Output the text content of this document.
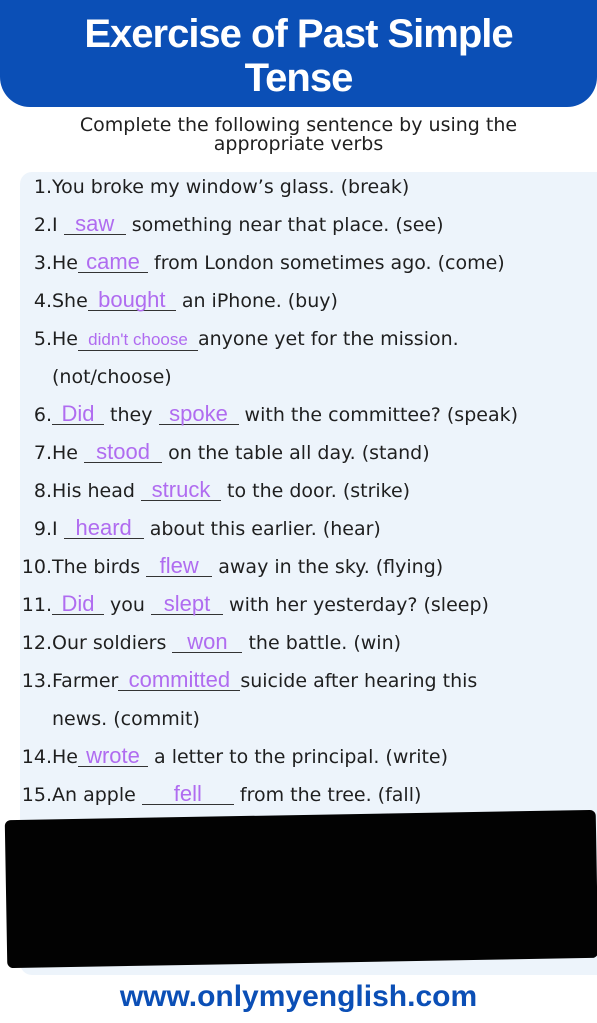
Exercise of Past Simple
Tense
Complete the following sentence by using the
appropriate verbs
1.You broke my window’s glass. (break)
2.I saw something near that place. (see)
3.He came from London sometimes ago. (come)
4.She bought an iPhone. (buy)
5.He didn't choose anyone yet for the mission.
(not/choose)
6. Did they spoke with the committee? (speak)
7.He stood on the table all day. (stand)
8.His head struck to the door. (strike)
9.I heard about this earlier. (hear)
10.The birds flew away in the sky. (flying)
11. Did you slept with her yesterday? (sleep)
12.Our soldiers won the battle. (win)
13.Farmer committed suicide after hearing this
news. (commit)
14.He wrote a letter to the principal. (write)
15.An apple fell from the tree. (fall)
www.onlymyenglish.com
